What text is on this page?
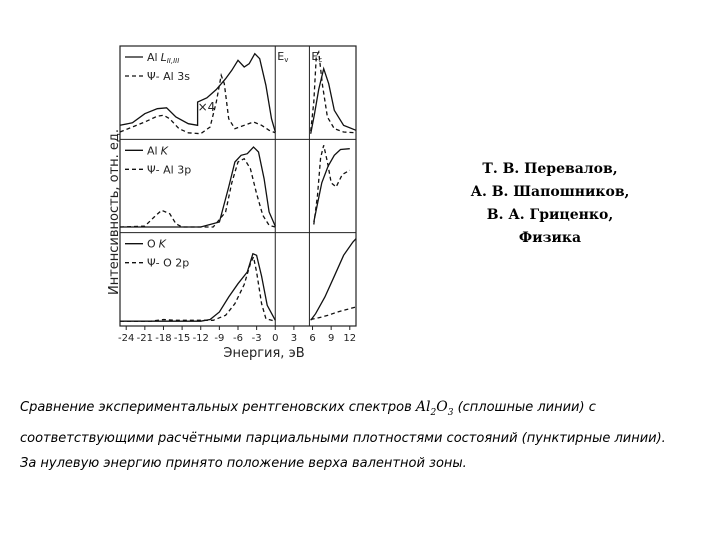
Интенсивность, отн. ед.
Энергия, эВ
Ev Ec
-24 -21 -18 -15 -12 -9 -6 -3 0 3 6 9 12
Al LII,III
Ψ- Al 3s
×4
Al K
Ψ- Al 3p
O K
Ψ- O 2p
Т. В. Перевалов,
А. В. Шапошников,
В. А. Гриценко,
Физика
Сравнение экспериментальных рентгеновских спектров $Al_2O_3$ (сплошные линии) с соответствующими расчётными парциальными плотностями состояний (пунктирные линии). За нулевую энергию принято положение верха валентной зоны.
